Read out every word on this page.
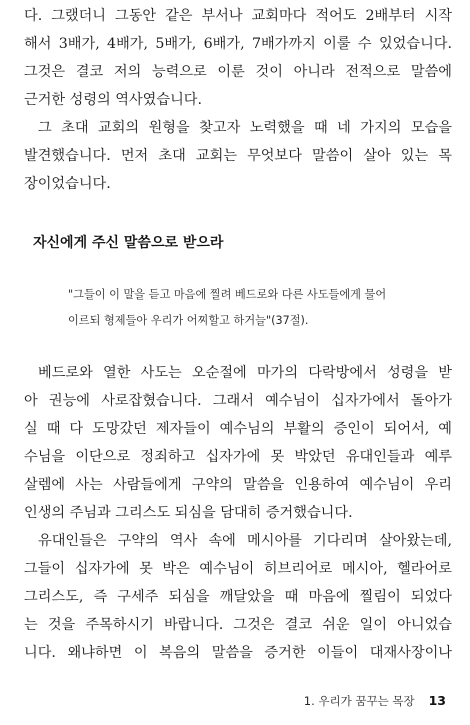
다. 그랬더니 그동안 같은 부서나 교회마다 적어도 2배부터 시작
해서 3배가, 4배가, 5배가, 6배가, 7배가까지 이룰 수 있었습니다.
그것은 결코 저의 능력으로 이룬 것이 아니라 전적으로 말씀에
근거한 성령의 역사였습니다.
그 초대 교회의 원형을 찾고자 노력했을 때 네 가지의 모습을
발견했습니다. 먼저 초대 교회는 무엇보다 말씀이 살아 있는 목
장이었습니다.
자신에게 주신 말씀으로 받으라
"그들이 이 말을 듣고 마음에 찔려 베드로와 다른 사도들에게 물어
이르되 형제들아 우리가 어찌할고 하거늘"(37절).
베드로와 열한 사도는 오순절에 마가의 다락방에서 성령을 받
아 권능에 사로잡혔습니다. 그래서 예수님이 십자가에서 돌아가
실 때 다 도망갔던 제자들이 예수님의 부활의 증인이 되어서, 예
수님을 이단으로 정죄하고 십자가에 못 박았던 유대인들과 예루
살렘에 사는 사람들에게 구약의 말씀을 인용하여 예수님이 우리
인생의 주님과 그리스도 되심을 담대히 증거했습니다.
유대인들은 구약의 역사 속에 메시아를 기다리며 살아왔는데,
그들이 십자가에 못 박은 예수님이 히브리어로 메시아, 헬라어로
그리스도, 즉 구세주 되심을 깨달았을 때 마음에 찔림이 되었다
는 것을 주목하시기 바랍니다. 그것은 결코 쉬운 일이 아니었습
니다. 왜냐하면 이 복음의 말씀을 증거한 이들이 대재사장이나
1. 우리가 꿈꾸는 목장 13
